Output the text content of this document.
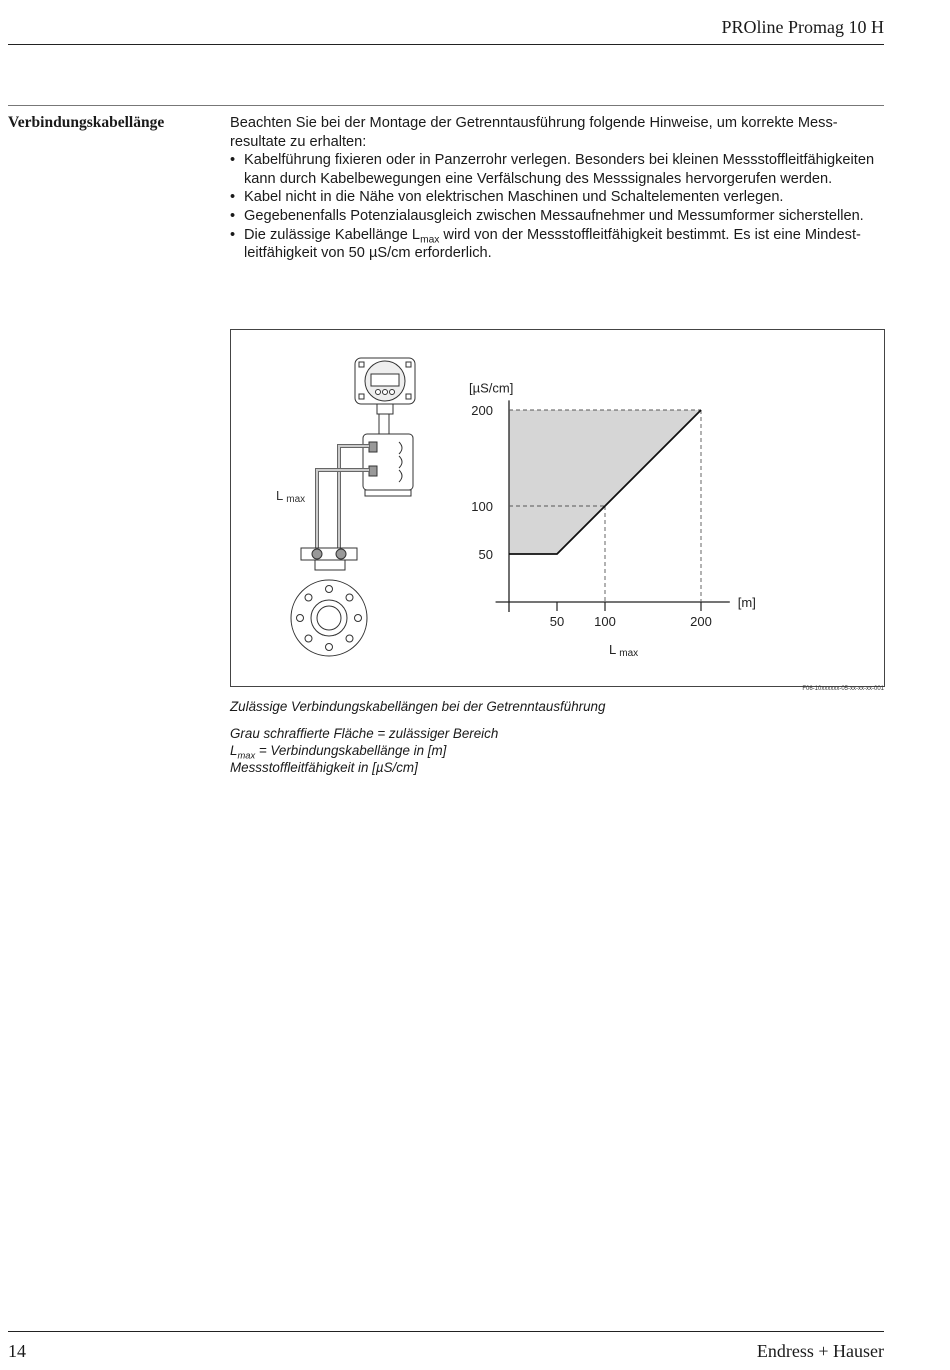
PROline Promag 10 H
Verbindungskabellänge	Beachten Sie bei der Montage der Getrenntausführung folgende Hinweise, um korrekte Messresultate zu erhalten:

• Kabelführung fixieren oder in Panzerrohr verlegen. Besonders bei kleinen Messstoffleitfähigkeiten kann durch Kabelbewegungen eine Verfälschung des Messsignales hervorgerufen werden.
• Kabel nicht in die Nähe von elektrischen Maschinen und Schaltelementen verlegen.
• Gegebenenfalls Potenzialausgleich zwischen Messaufnehmer und Messumformer sicherstellen.
• Die zulässige Kabellänge $L_{max}$ wird von der Messstoffleitfähigkeit bestimmt. Es ist eine Mindestleitfähigkeit von 50 µS/cm erforderlich.
L max
50 100	200
50
100
200
[µS/cm]
[m]
L max
F06-10xxxxxx-05-xx-xx-xx-001

Zulässige Verbindungskabellängen bei der Getrenntausführung

Grau schraffierte Fläche = zulässiger Bereich

$L_{max}$ = Verbindungskabellänge in [m]

Messstoffleitfähigkeit in [µS/cm]

14	Endress + Hauser
